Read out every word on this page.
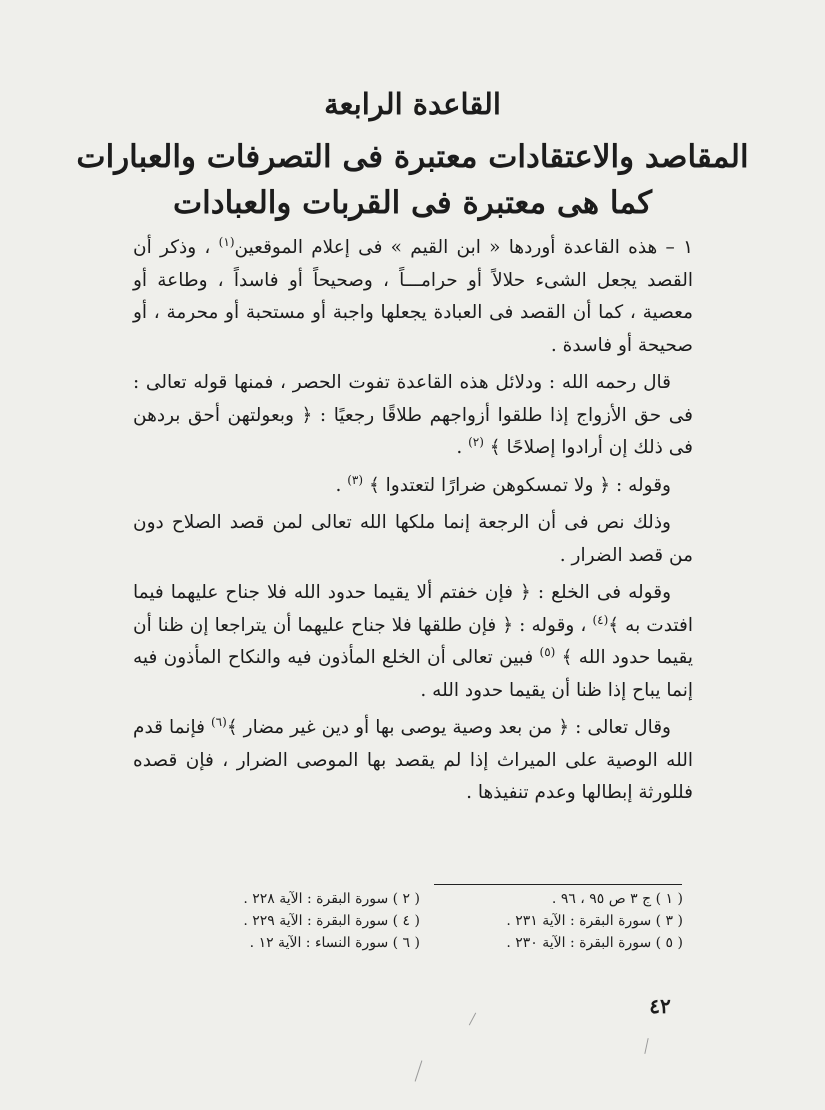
القاعدة الرابعة
المقاصد والاعتقادات معتبرة فى التصرفات والعبارات
كما هى معتبرة فى القربات والعبادات

١ – هذه القاعدة أوردها « ابن القيم » فى إعلام الموقعين$^{(١)}$ ، وذكر أن القصد يجعل الشىء حلالاً أو حرامـــاً ، وصحيحاً أو فاسداً ، وطاعة أو معصية ، كما أن القصد فى العبادة يجعلها واجبة أو مستحبة أو محرمة ، أو صحيحة أو فاسدة .

قال رحمه الله : ودلائل هذه القاعدة تفوت الحصر ، فمنها قوله تعالى : فى حق الأزواج إذا طلقوا أزواجهم طلاقًا رجعيًا : ﴿ وبعولتهن أحق بردهن فى ذلك إن أرادوا إصلاحًا ﴾ $^{(٢)}$ .

وقوله : ﴿ ولا تمسكوهن ضرارًا لتعتدوا ﴾ $^{(٣)}$ .

وذلك نص فى أن الرجعة إنما ملكها الله تعالى لمن قصد الصلاح دون من قصد الضرار .

وقوله فى الخلع : ﴿ فإن خفتم ألا يقيما حدود الله فلا جناح عليهما فيما افتدت به ﴾$^{(٤)}$ ، وقوله : ﴿ فإن طلقها فلا جناح عليهما أن يتراجعا إن ظنا أن يقيما حدود الله ﴾ $^{(٥)}$ فبين تعالى أن الخلع المأذون فيه والنكاح المأذون فيه إنما يباح إذا ظنا أن يقيما حدود الله .

وقال تعالى : ﴿ من بعد وصية يوصى بها أو دين غير مضار ﴾$^{(٦)}$ فإنما قدم الله الوصية على الميراث إذا لم يقصد بها الموصى الضرار ، فإن قصده فللورثة إبطالها وعدم تنفيذها .

( ١ ) ج ٣ ص ٩٥ ، ٩٦ .
( ٢ ) سورة البقرة : الآية ٢٢٨ .
( ٣ ) سورة البقرة : الآية ٢٣١ .
( ٤ ) سورة البقرة : الآية ٢٢٩ .
( ٥ ) سورة البقرة : الآية ٢٣٠ .
( ٦ ) سورة النساء : الآية ١٢ .
٤٢
